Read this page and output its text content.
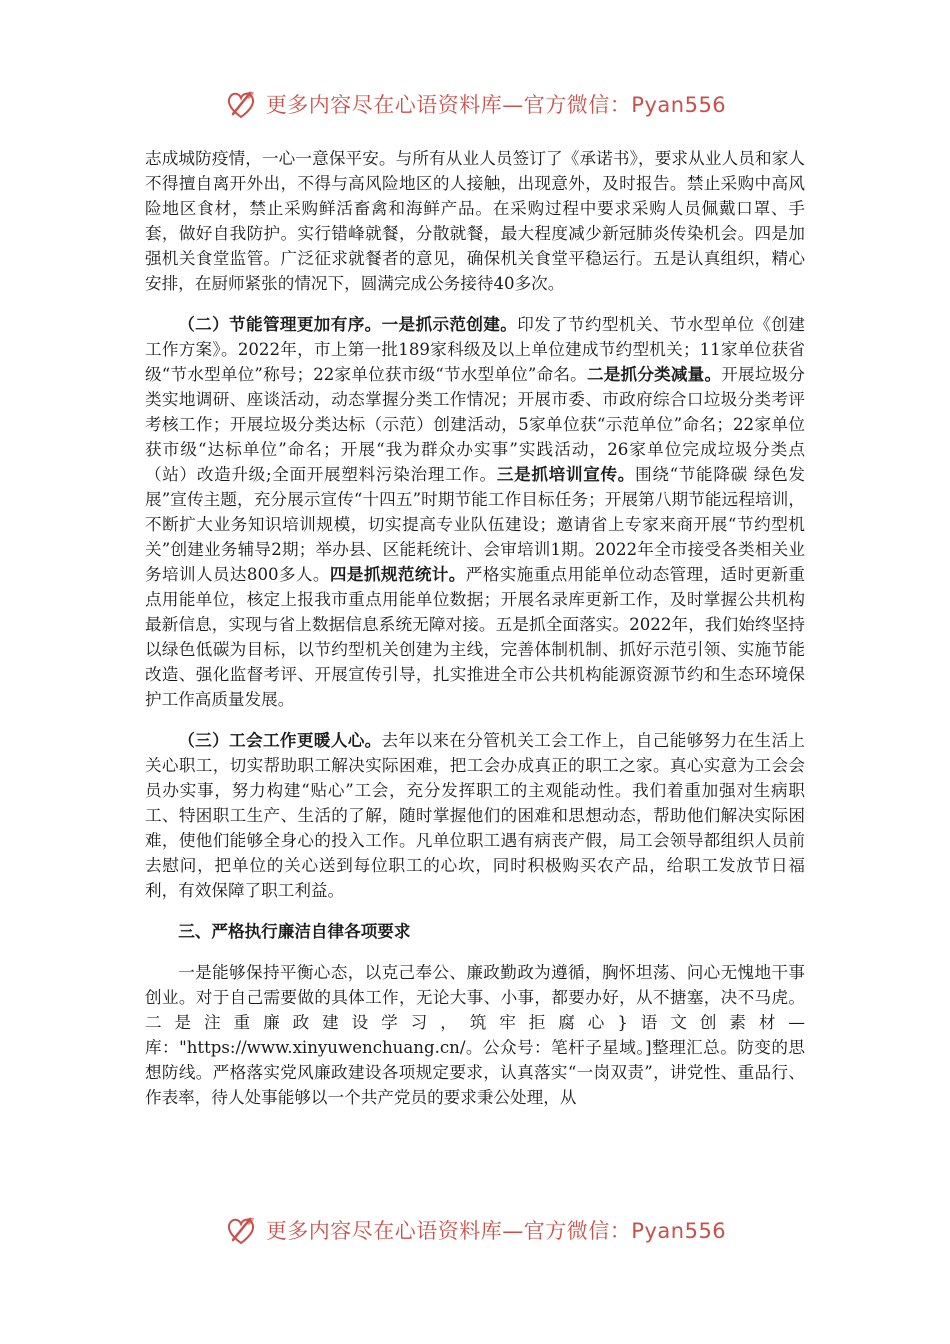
更多内容尽在心语资料库—官方微信：Pyan556

志成城防疫情，一心一意保平安。与所有从业人员签订了《承诺书》，要求从业人员和家人不得擅自离开外出，不得与高风险地区的人接触，出现意外，及时报告。禁止采购中高风险地区食材，禁止采购鲜活畜禽和海鲜产品。在采购过程中要求采购人员佩戴口罩、手套，做好自我防护。实行错峰就餐，分散就餐，最大程度减少新冠肺炎传染机会。四是加强机关食堂监管。广泛征求就餐者的意见，确保机关食堂平稳运行。五是认真组织，精心安排，在厨师紧张的情况下，圆满完成公务接待40多次。

（二）节能管理更加有序。一是抓示范创建。印发了节约型机关、节水型单位《创建工作方案》。2022年，市上第一批189家科级及以上单位建成节约型机关；11家单位获省级“节水型单位”称号；22家单位获市级“节水型单位”命名。二是抓分类减量。开展垃圾分类实地调研、座谈活动，动态掌握分类工作情况；开展市委、市政府综合口垃圾分类考评考核工作；开展垃圾分类达标（示范）创建活动，5家单位获“示范单位”命名；22家单位获市级“达标单位”命名；开展“我为群众办实事”实践活动，26家单位完成垃圾分类点（站）改造升级;全面开展塑料污染治理工作。三是抓培训宣传。围绕“节能降碳 绿色发展”宣传主题，充分展示宣传“十四五”时期节能工作目标任务；开展第八期节能远程培训，不断扩大业务知识培训规模，切实提高专业队伍建设；邀请省上专家来商开展“节约型机关”创建业务辅导2期；举办县、区能耗统计、会审培训1期。2022年全市接受各类相关业务培训人员达800多人。四是抓规范统计。严格实施重点用能单位动态管理，适时更新重点用能单位，核定上报我市重点用能单位数据；开展名录库更新工作，及时掌握公共机构最新信息，实现与省上数据信息系统无障对接。五是抓全面落实。2022年，我们始终坚持以绿色低碳为目标，以节约型机关创建为主线，完善体制机制、抓好示范引领、实施节能改造、强化监督考评、开展宣传引导，扎实推进全市公共机构能源资源节约和生态环境保护工作高质量发展。

（三）工会工作更暖人心。去年以来在分管机关工会工作上，自己能够努力在生活上关心职工，切实帮助职工解决实际困难，把工会办成真正的职工之家。真心实意为工会会员办实事，努力构建“贴心”工会，充分发挥职工的主观能动性。我们着重加强对生病职工、特困职工生产、生活的了解，随时掌握他们的困难和思想动态，帮助他们解决实际困难，使他们能够全身心的投入工作。凡单位职工遇有病丧产假，局工会领导都组织人员前去慰问，把单位的关心送到每位职工的心坎，同时积极购买农产品，给职工发放节日福利，有效保障了职工利益。

三、严格执行廉洁自律各项要求

一是能够保持平衡心态，以克己奉公、廉政勤政为遵循，胸怀坦荡、问心无愧地干事创业。对于自己需要做的具体工作，无论大事、小事，都要办好，从不搪塞，决不马虎。二是注重廉政建设学习，筑牢拒腐心}语文创素材—库："https://www.xinyuwenchuang.cn/。公众号：笔杆子星域。]整理汇总。防变的思想防线。严格落实党风廉政建设各项规定要求，认真落实“一岗双责”，讲党性、重品行、作表率，待人处事能够以一个共产党员的要求秉公处理，从

更多内容尽在心语资料库—官方微信：Pyan556
